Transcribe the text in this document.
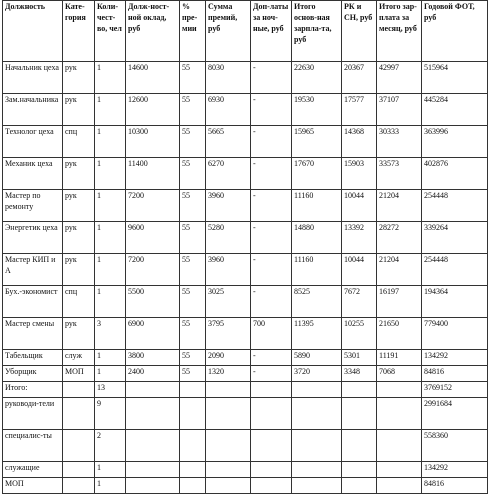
Должность	Кате-гория	Коли-чест-во, чел	Долж-ност-ной оклад, руб	% пре-мии	Сумма премий, руб	Доп-латы за ноч-ные, руб	Итого основ-ная зарпла-та, руб	РК и СН, руб	Итого зар-плата за месяц, руб	Годовой ФОТ, руб

Начальник цеха	рук	1	14600	55	8030	-	22630	20367	42997	515964

Зам.начальника	рук	1	12600	55	6930	-	19530	17577	37107	445284

Технолог цеха	спц	1	10300	55	5665	-	15965	14368	30333	363996

Механик цеха	рук	1	11400	55	6270	-	17670	15903	33573	402876

Мастер по ремонту	рук	1	7200	55	3960	-	11160	10044	21204	254448

Энергетик цеха	рук	1	9600	55	5280	-	14880	13392	28272	339264

Мастер КИП и А	рук	1	7200	55	3960	-	11160	10044	21204	254448

Бух.-экономист	спц	1	5500	55	3025	-	8525	7672	16197	194364

Мастер смены	рук	3	6900	55	3795	700	11395	10255	21650	779400

Табельщик	служ	1	3800	55	2090	-	5890	5301	11191	134292

Уборщик	МОП	1	2400	55	1320	-	3720	3348	7068	84816

Итого:		13								3769152

руководи-тели		9								2991684

специалис-ты		2								558360

служащие		1								134292

МОП		1								84816
